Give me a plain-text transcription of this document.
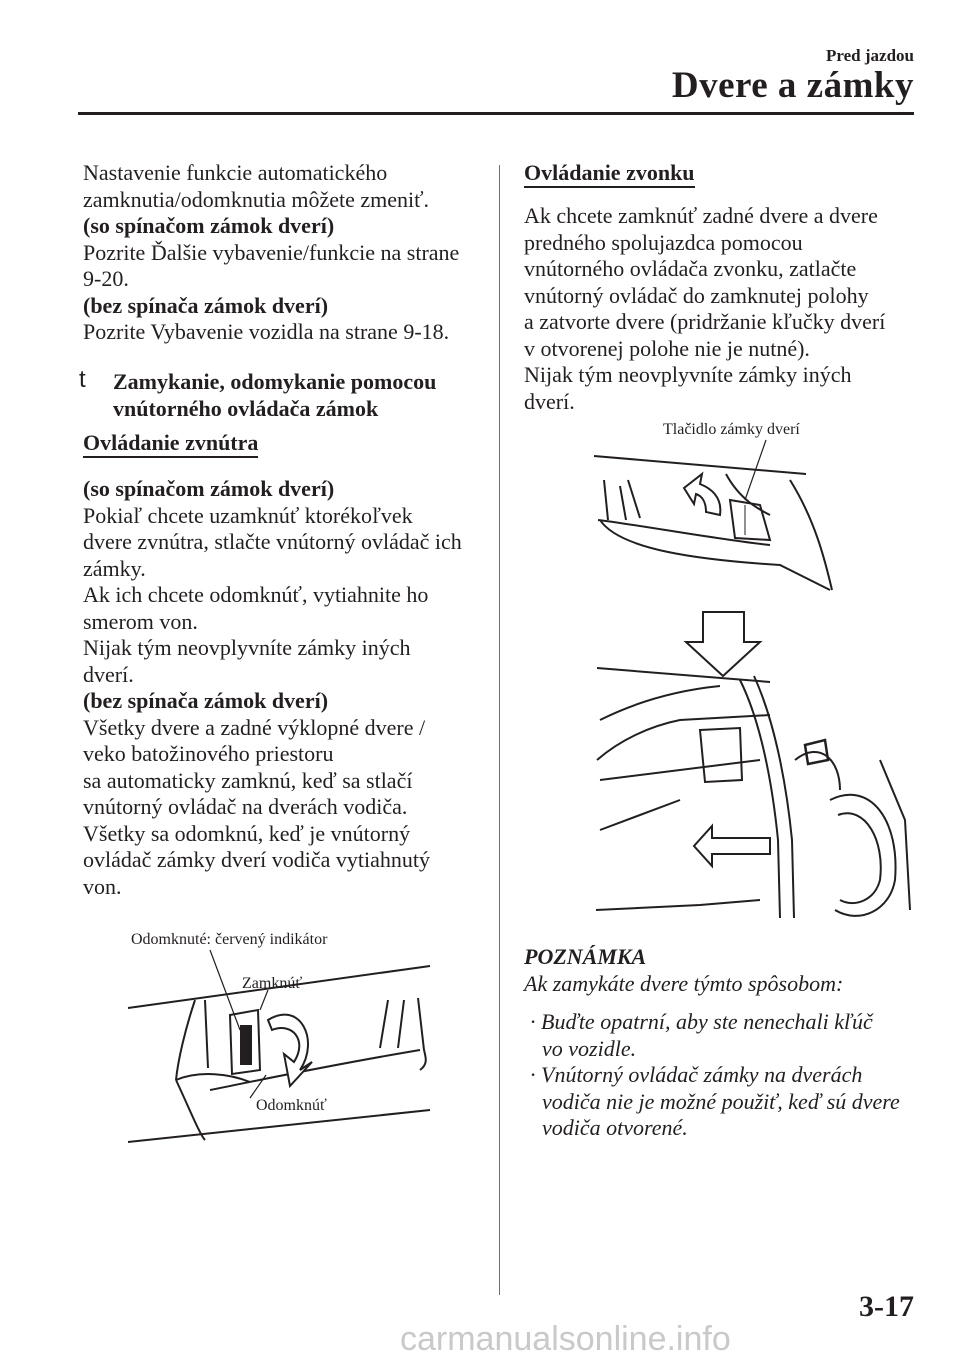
Pred jazdou
Dvere a zámky

Nastavenie funkcie automatického

zamknutia/odomknutia môžete zmeniť.

(so spínačom zámok dverí)

Pozrite Ďalšie vybavenie/funkcie na strane

9-20.

(bez spínača zámok dverí)

Pozrite Vybavenie vozidla na strane 9-18.

t Zamykanie, odomykanie pomocou
vnútorného ovládača zámok
Ovládanie zvnútra

(so spínačom zámok dverí)

Pokiaľ chcete uzamknúť ktorékoľvek

dvere zvnútra, stlačte vnútorný ovládač ich

zámky.

Ak ich chcete odomknúť, vytiahnite ho

smerom von.

Nijak tým neovplyvníte zámky iných

dverí.

(bez spínača zámok dverí)

Všetky dvere a zadné výklopné dvere /

veko batožinového priestoru

sa automaticky zamknú, keď sa stlačí

vnútorný ovládač na dverách vodiča.

Všetky sa odomknú, keď je vnútorný

ovládač zámky dverí vodiča vytiahnutý

von.

Odomknuté: červený indikátor
Zamknúť
Odomknúť
Ovládanie zvonku

Ak chcete zamknúť zadné dvere a dvere

predného spolujazdca pomocou

vnútorného ovládača zvonku, zatlačte

vnútorný ovládač do zamknutej polohy

a zatvorte dvere (pridržanie kľučky dverí

v otvorenej polohe nie je nutné).

Nijak tým neovplyvníte zámky iných

dverí.

Tlačidlo zámky dverí

POZNÁMKA

Ak zamykáte dvere týmto spôsobom:

· Buďte opatrní, aby ste nenechali kľúč

vo vozidle.

· Vnútorný ovládač zámky na dverách

vodiča nie je možné použiť, keď sú dvere

vodiča otvorené.

3-17
carmanualsonline.info
